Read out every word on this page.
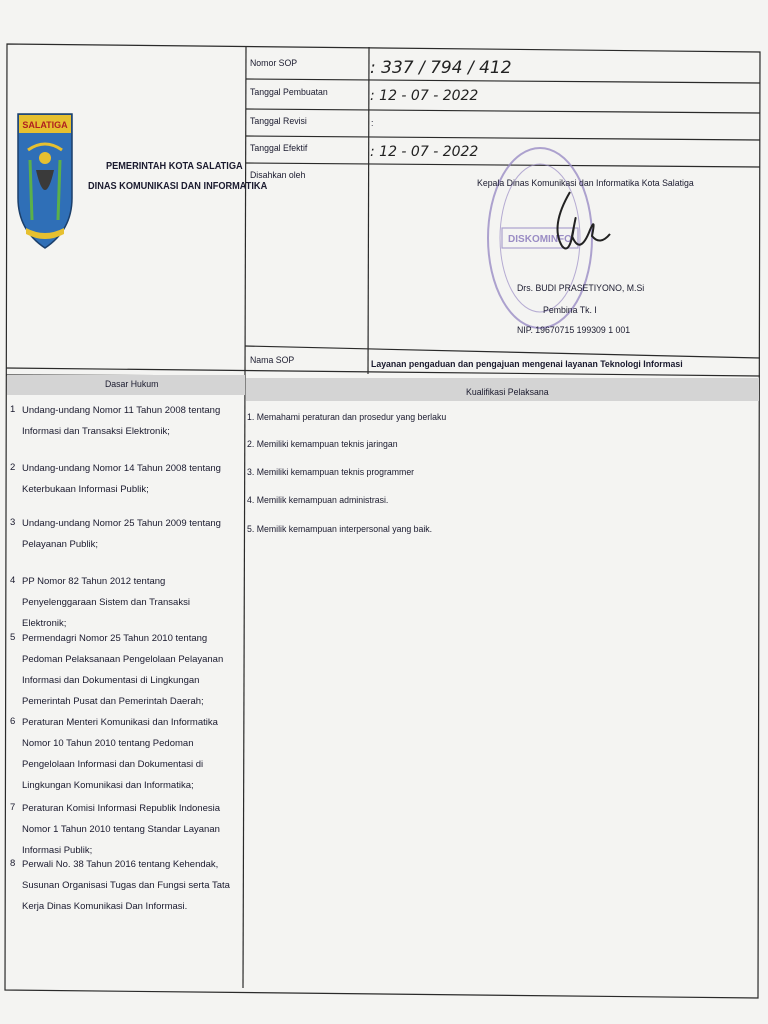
SALATIGA
PEMERINTAH KOTA SALATIGA
DINAS KOMUNIKASI DAN INFORMATIKA
Nomor SOP	: 337 / 794 / 412
Tanggal Pembuatan	: 12 - 07 - 2022
Tanggal Revisi	:
Tanggal Efektif	: 12 - 07 - 2022
Disahkan oleh
DISKOMINFO
Kepala Dinas Komunikasi dan Informatika Kota Salatiga
Drs. BUDI PRASETIYONO, M.Si
Pembina Tk. I
NIP. 19670715 199309 1 001
Nama SOP	Layanan pengaduan dan pengajuan mengenai layanan Teknologi Informasi
Dasar Hukum
Kualifikasi Pelaksana
1 Undang-undang Nomor 11 Tahun 2008 tentang Informasi dan Transaksi Elektronik;
2 Undang-undang Nomor 14 Tahun 2008 tentang Keterbukaan Informasi Publik;
3 Undang-undang Nomor 25 Tahun 2009 tentang Pelayanan Publik;
4 PP Nomor 82 Tahun 2012 tentang Penyelenggaraan Sistem dan Transaksi Elektronik;
5 Permendagri Nomor 25 Tahun 2010 tentang Pedoman Pelaksanaan Pengelolaan Pelayanan Informasi dan Dokumentasi di Lingkungan Pemerintah Pusat dan Pemerintah Daerah;
6 Peraturan Menteri Komunikasi dan Informatika Nomor 10 Tahun 2010 tentang Pedoman Pengelolaan Informasi dan Dokumentasi di Lingkungan Komunikasi dan Informatika;
7 Peraturan Komisi Informasi Republik Indonesia Nomor 1 Tahun 2010 tentang Standar Layanan Informasi Publik;
8 Perwali No. 38 Tahun 2016 tentang Kehendak, Susunan Organisasi Tugas dan Fungsi serta Tata Kerja Dinas Komunikasi Dan Informasi.
1. Memahami peraturan dan prosedur yang berlaku
2. Memiliki kemampuan teknis jaringan
3. Memiliki kemampuan teknis programmer
4. Memilik kemampuan administrasi.
5. Memilik kemampuan interpersonal yang baik.
